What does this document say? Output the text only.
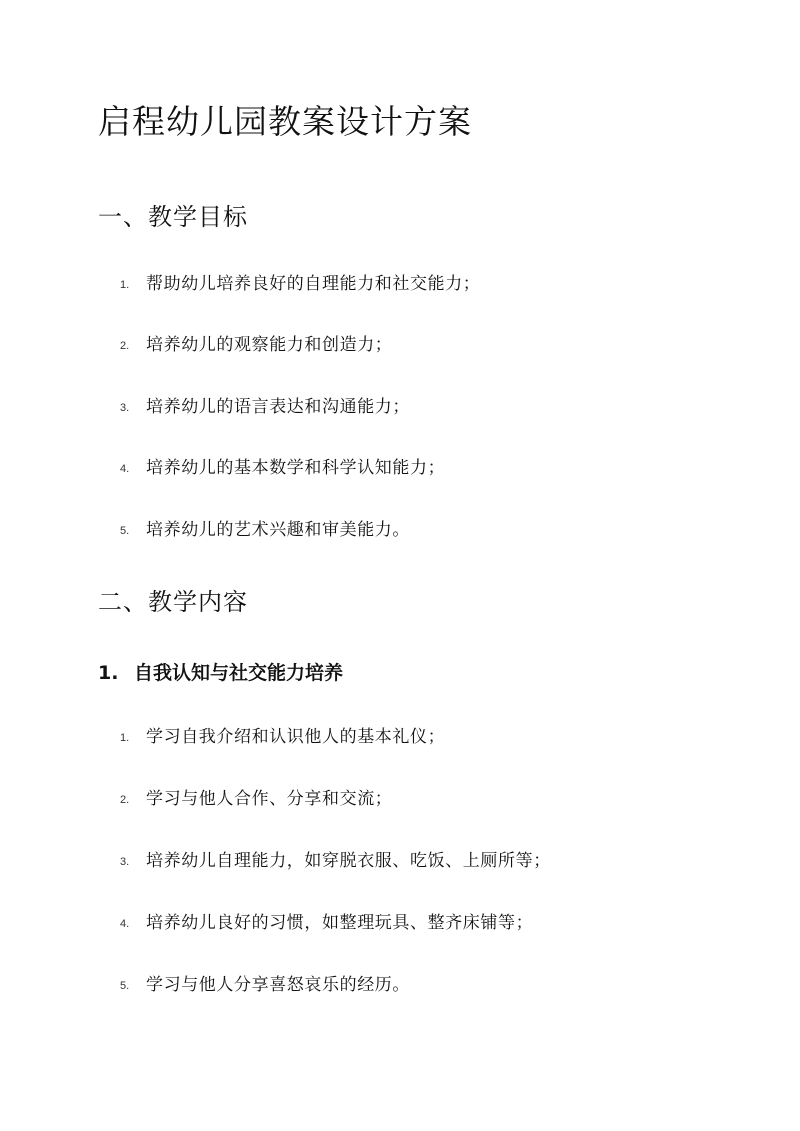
启程幼儿园教案设计方案
一、教学目标
1. 帮助幼儿培养良好的自理能力和社交能力；
2. 培养幼儿的观察能力和创造力；
3. 培养幼儿的语言表达和沟通能力；
4. 培养幼儿的基本数学和科学认知能力；
5. 培养幼儿的艺术兴趣和审美能力。
二、教学内容
1. 自我认知与社交能力培养
1. 学习自我介绍和认识他人的基本礼仪；
2. 学习与他人合作、分享和交流；
3. 培养幼儿自理能力，如穿脱衣服、吃饭、上厕所等；
4. 培养幼儿良好的习惯，如整理玩具、整齐床铺等；
5. 学习与他人分享喜怒哀乐的经历。
